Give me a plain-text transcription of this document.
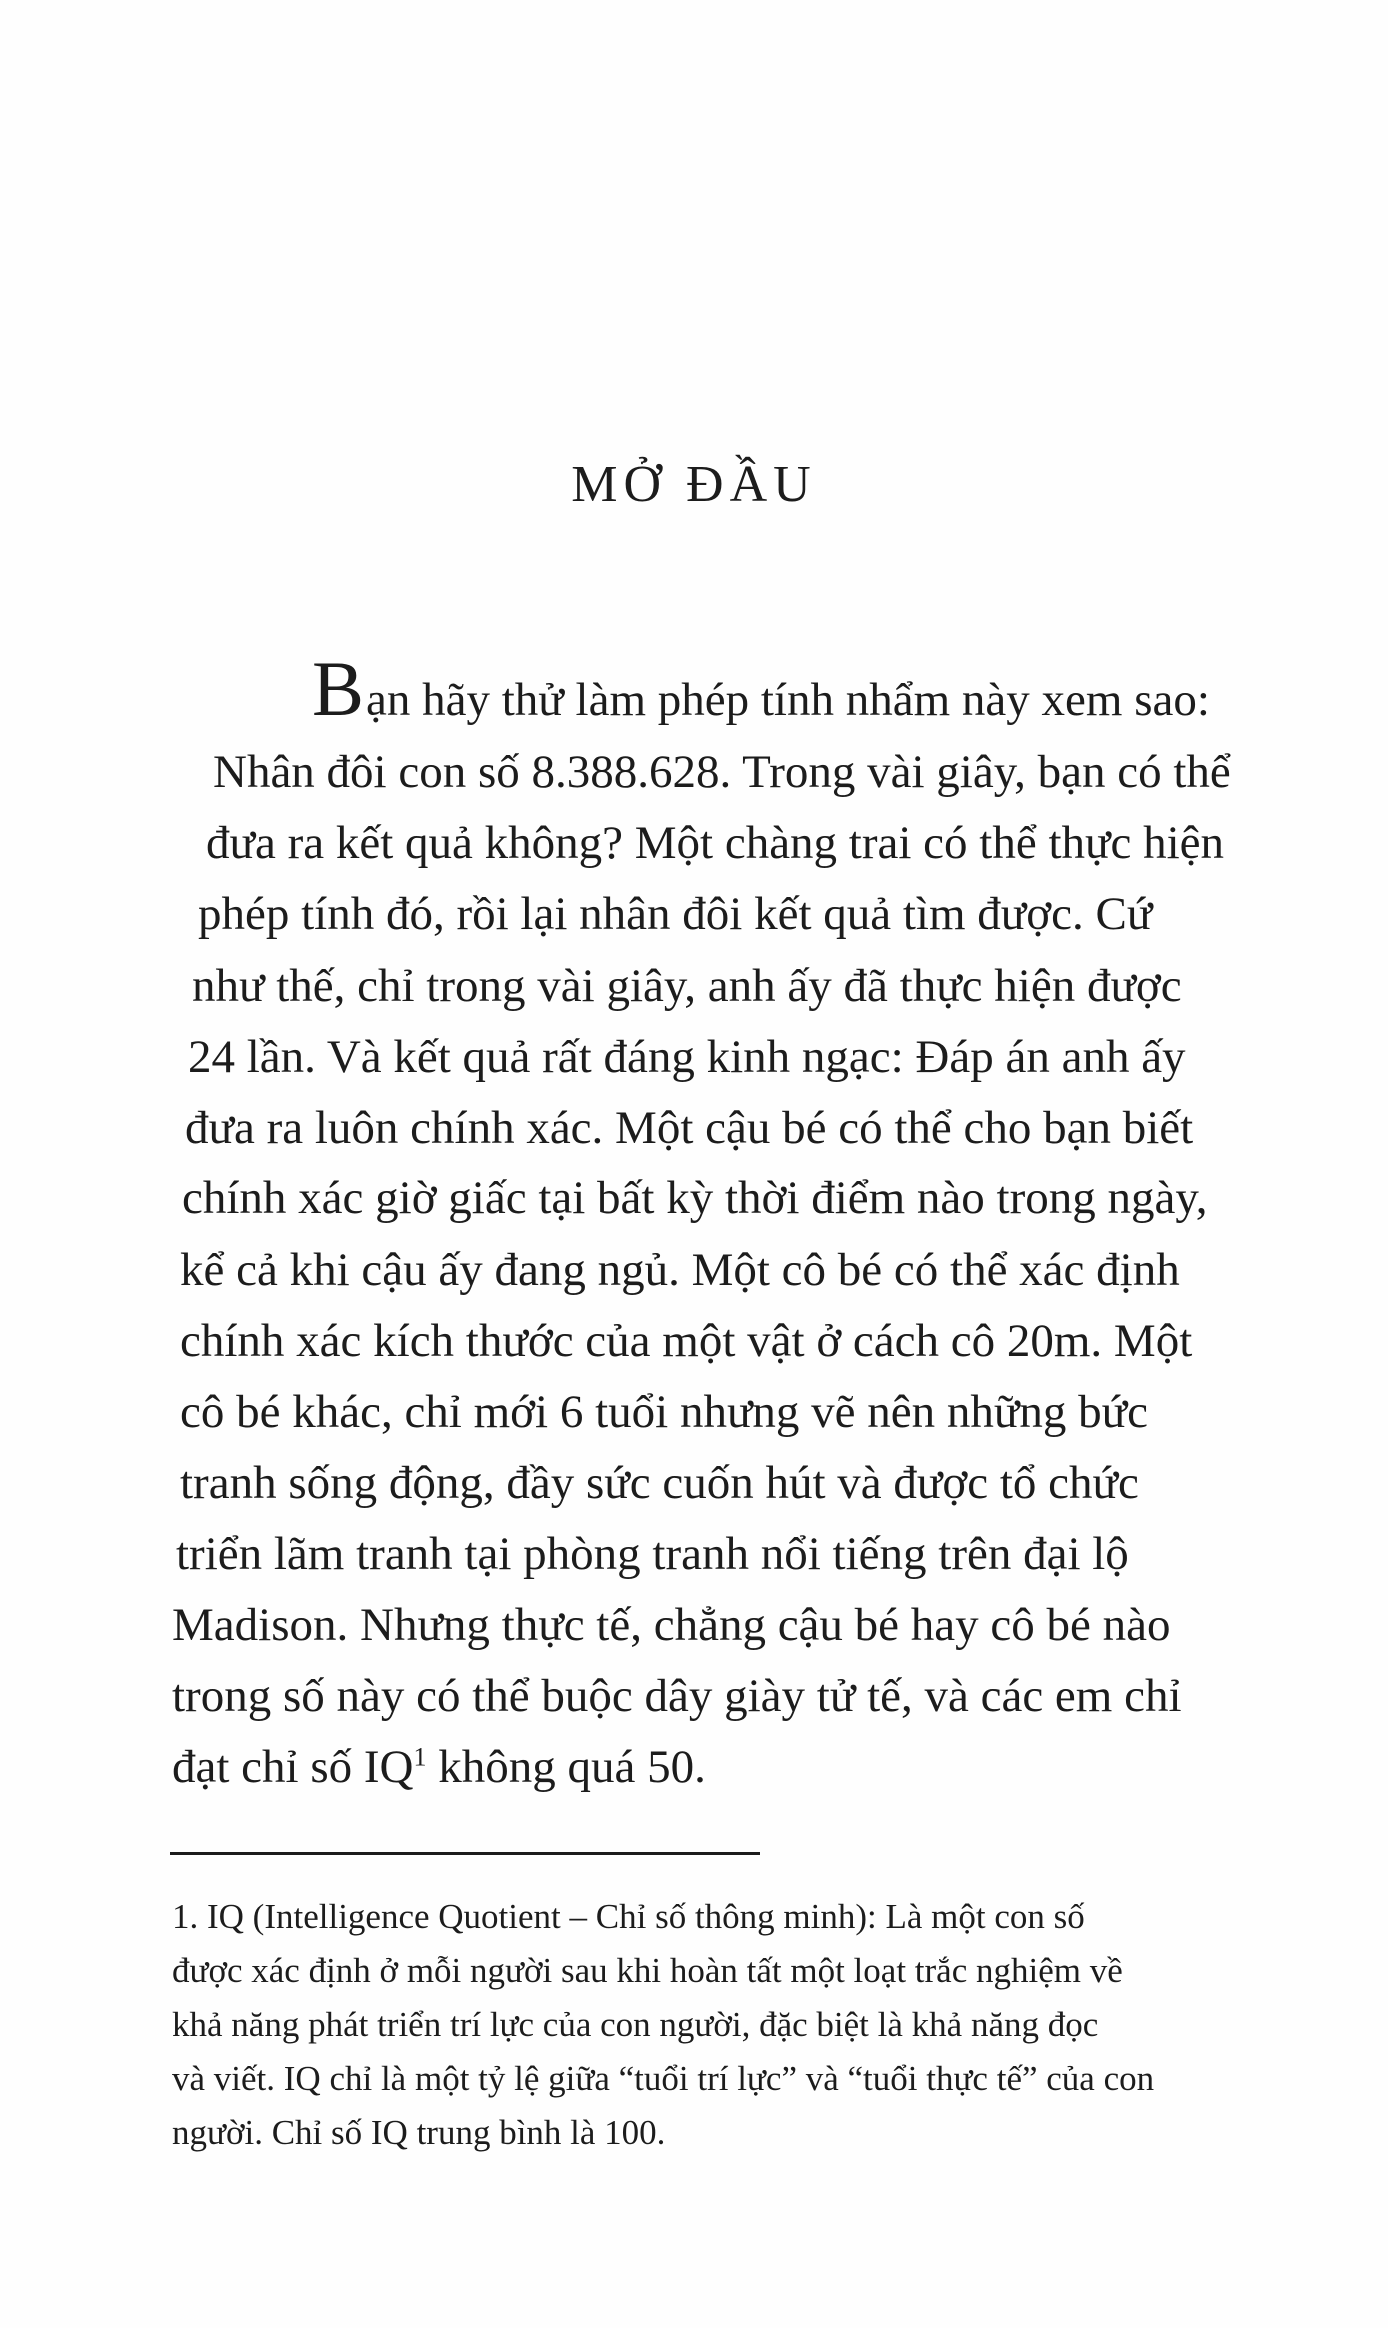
MỞ ĐẦU

Bạn hãy thử làm phép tính nhẩm này xem sao:

Nhân đôi con số 8.388.628. Trong vài giây, bạn có thể

đưa ra kết quả không? Một chàng trai có thể thực hiện

phép tính đó, rồi lại nhân đôi kết quả tìm được. Cứ

như thế, chỉ trong vài giây, anh ấy đã thực hiện được

24 lần. Và kết quả rất đáng kinh ngạc: Đáp án anh ấy

đưa ra luôn chính xác. Một cậu bé có thể cho bạn biết

chính xác giờ giấc tại bất kỳ thời điểm nào trong ngày,

kể cả khi cậu ấy đang ngủ. Một cô bé có thể xác định

chính xác kích thước của một vật ở cách cô 20m. Một

cô bé khác, chỉ mới 6 tuổi nhưng vẽ nên những bức

tranh sống động, đầy sức cuốn hút và được tổ chức

triển lãm tranh tại phòng tranh nổi tiếng trên đại lộ

Madison. Nhưng thực tế, chẳng cậu bé hay cô bé nào

trong số này có thể buộc dây giày tử tế, và các em chỉ

đạt chỉ số $IQ^1$ không quá 50.

1. IQ (Intelligence Quotient – Chỉ số thông minh): Là một con số

được xác định ở mỗi người sau khi hoàn tất một loạt trắc nghiệm về

khả năng phát triển trí lực của con người, đặc biệt là khả năng đọc

và viết. IQ chỉ là một tỷ lệ giữa “tuổi trí lực” và “tuổi thực tế” của con

người. Chỉ số IQ trung bình là 100.
